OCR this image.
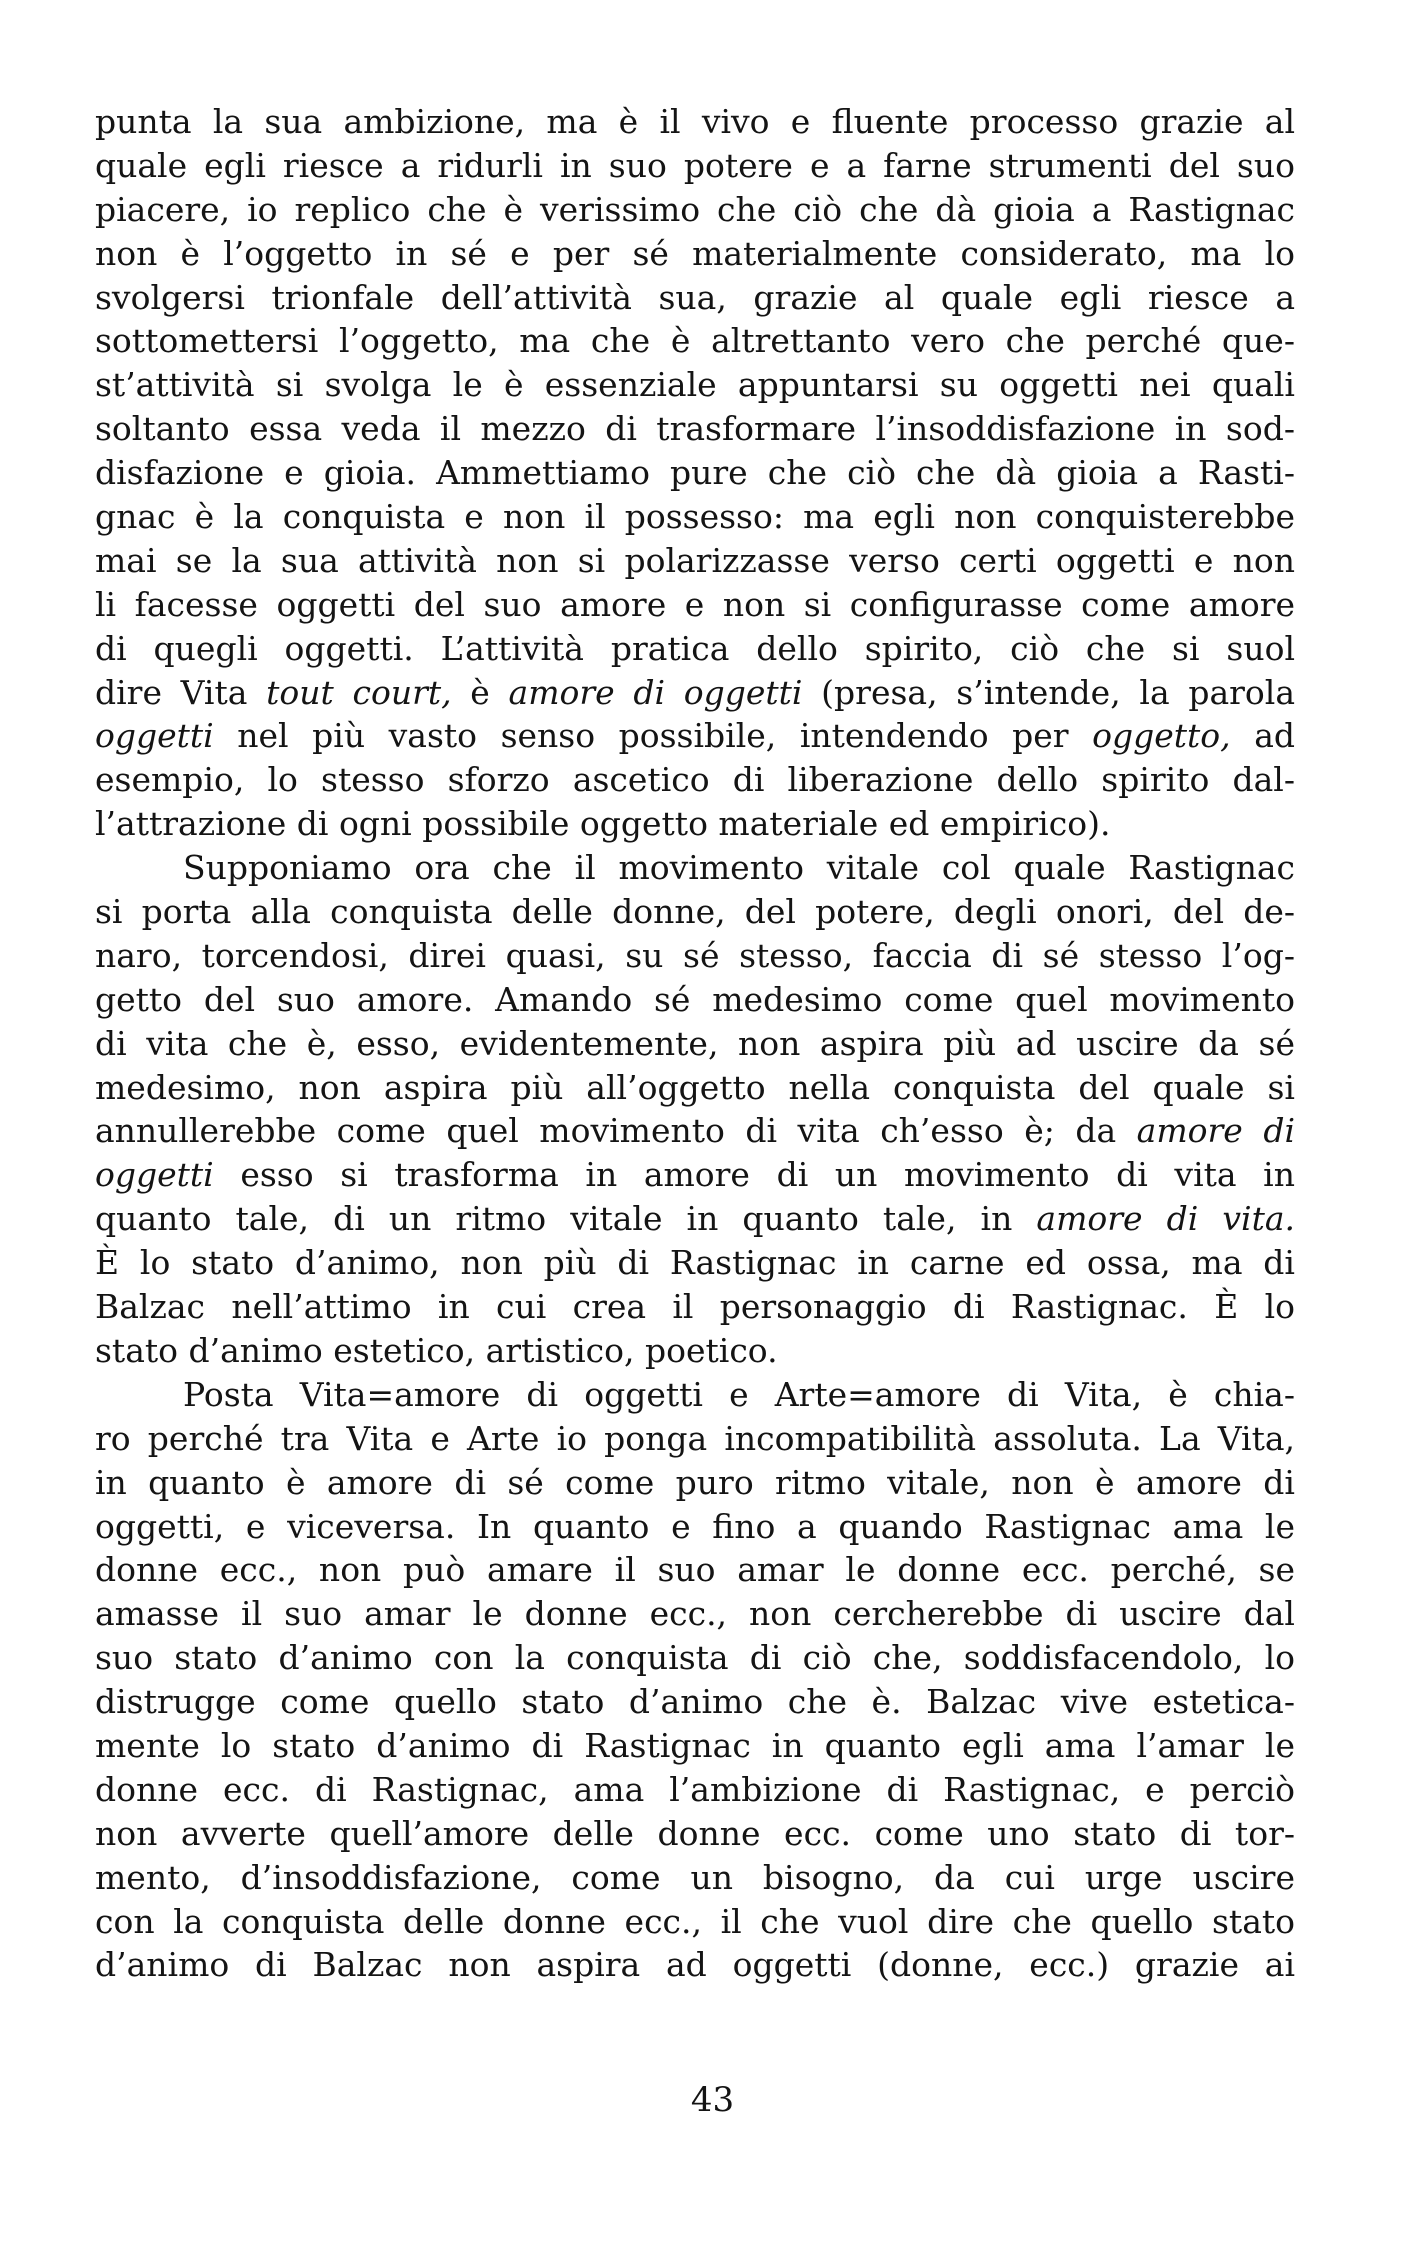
punta la sua ambizione, ma è il vivo e fluente processo grazie al
quale egli riesce a ridurli in suo potere e a farne strumenti del suo
piacere, io replico che è verissimo che ciò che dà gioia a Rastignac
non è l’oggetto in sé e per sé materialmente considerato, ma lo
svolgersi trionfale dell’attività sua, grazie al quale egli riesce a
sottomettersi l’oggetto, ma che è altrettanto vero che perché que-
st’attività si svolga le è essenziale appuntarsi su oggetti nei quali
soltanto essa veda il mezzo di trasformare l’insoddisfazione in sod-
disfazione e gioia. Ammettiamo pure che ciò che dà gioia a Rasti-
gnac è la conquista e non il possesso: ma egli non conquisterebbe
mai se la sua attività non si polarizzasse verso certi oggetti e non
li facesse oggetti del suo amore e non si configurasse come amore
di quegli oggetti. L’attività pratica dello spirito, ciò che si suol
dire Vita tout court, è amore di oggetti (presa, s’intende, la parola
oggetti nel più vasto senso possibile, intendendo per oggetto, ad
esempio, lo stesso sforzo ascetico di liberazione dello spirito dal-
l’attrazione di ogni possibile oggetto materiale ed empirico).
Supponiamo ora che il movimento vitale col quale Rastignac
si porta alla conquista delle donne, del potere, degli onori, del de-
naro, torcendosi, direi quasi, su sé stesso, faccia di sé stesso l’og-
getto del suo amore. Amando sé medesimo come quel movimento
di vita che è, esso, evidentemente, non aspira più ad uscire da sé
medesimo, non aspira più all’oggetto nella conquista del quale si
annullerebbe come quel movimento di vita ch’esso è; da amore di
oggetti esso si trasforma in amore di un movimento di vita in
quanto tale, di un ritmo vitale in quanto tale, in amore di vita.
È lo stato d’animo, non più di Rastignac in carne ed ossa, ma di
Balzac nell’attimo in cui crea il personaggio di Rastignac. È lo
stato d’animo estetico, artistico, poetico.
Posta Vita=amore di oggetti e Arte=amore di Vita, è chia-
ro perché tra Vita e Arte io ponga incompatibilità assoluta. La Vita,
in quanto è amore di sé come puro ritmo vitale, non è amore di
oggetti, e viceversa. In quanto e fino a quando Rastignac ama le
donne ecc., non può amare il suo amar le donne ecc. perché, se
amasse il suo amar le donne ecc., non cercherebbe di uscire dal
suo stato d’animo con la conquista di ciò che, soddisfacendolo, lo
distrugge come quello stato d’animo che è. Balzac vive estetica-
mente lo stato d’animo di Rastignac in quanto egli ama l’amar le
donne ecc. di Rastignac, ama l’ambizione di Rastignac, e perciò
non avverte quell’amore delle donne ecc. come uno stato di tor-
mento, d’insoddisfazione, come un bisogno, da cui urge uscire
con la conquista delle donne ecc., il che vuol dire che quello stato
d’animo di Balzac non aspira ad oggetti (donne, ecc.) grazie ai
43
